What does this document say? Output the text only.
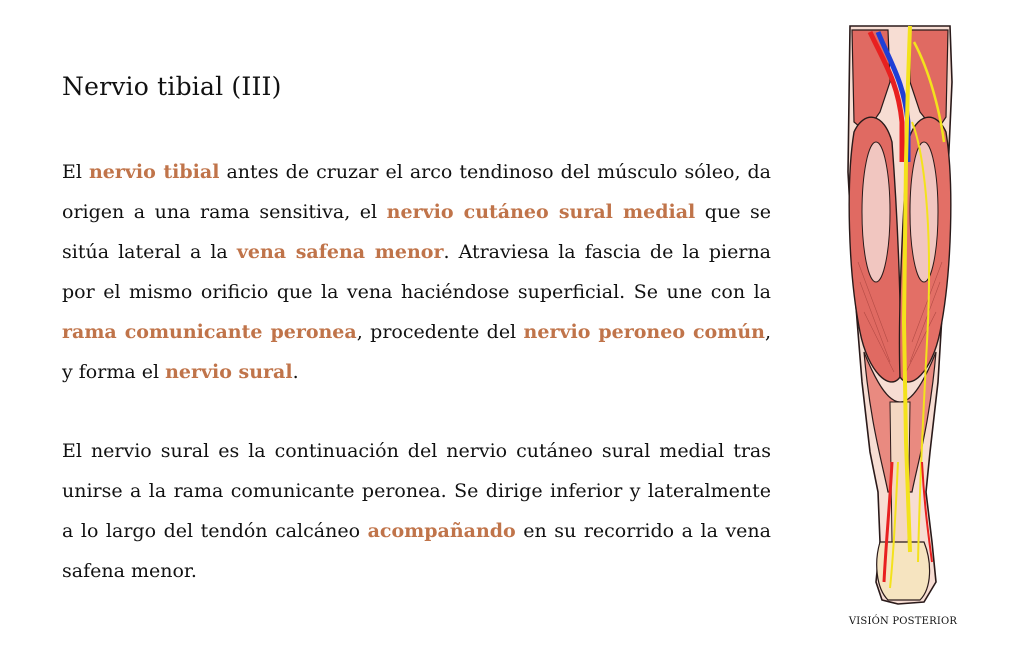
Nervio tibial (III)

El nervio tibial antes de cruzar el arco tendinoso del músculo sóleo, da origen a una rama sensitiva, el nervio cutáneo sural medial que se sitúa lateral a la vena safena menor. Atraviesa la fascia de la pierna por el mismo orificio que la vena haciéndose superficial. Se une con la rama comunicante peronea, procedente del nervio peroneo común, y forma el nervio sural.

El nervio sural es la continuación del nervio cutáneo sural medial tras unirse a la rama comunicante peronea. Se dirige inferior y lateralmente a lo largo del tendón calcáneo acompañando en su recorrido a la vena safena menor.

VISIÓN POSTERIOR
